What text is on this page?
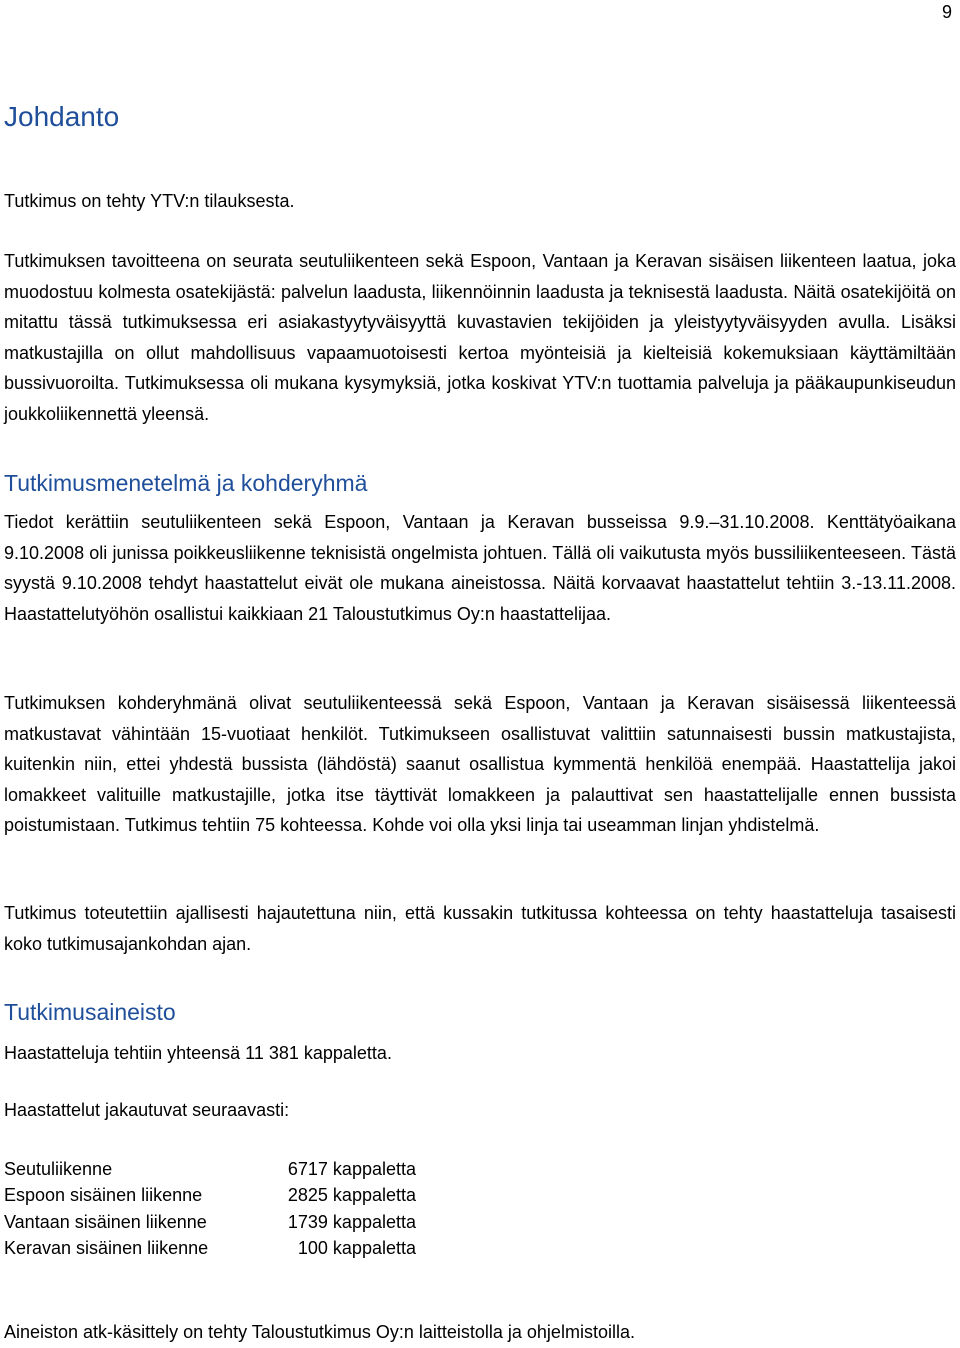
9
Johdanto

Tutkimus on tehty YTV:n tilauksesta.

Tutkimuksen tavoitteena on seurata seutuliikenteen sekä Espoon, Vantaan ja Keravan sisäisen liikenteen laatua, joka muodostuu kolmesta osatekijästä: palvelun laadusta, liikennöinnin laadusta ja teknisestä laadusta. Näitä osatekijöitä on mitattu tässä tutkimuksessa eri asiakastyytyväisyyttä kuvastavien tekijöiden ja yleistyytyväisyyden avulla. Lisäksi matkustajilla on ollut mahdollisuus vapaamuotoisesti kertoa myönteisiä ja kielteisiä kokemuksiaan käyttämiltään bussivuoroilta. Tutkimuksessa oli mukana kysymyksiä, jotka koskivat YTV:n tuottamia palveluja ja pääkaupunkiseudun joukkoliikennettä yleensä.

Tutkimusmenetelmä ja kohderyhmä

Tiedot kerättiin seutuliikenteen sekä Espoon, Vantaan ja Keravan busseissa 9.9.–31.10.2008. Kenttätyöaikana 9.10.2008 oli junissa poikkeusliikenne teknisistä ongelmista johtuen. Tällä oli vaikutusta myös bussiliikenteeseen. Tästä syystä 9.10.2008 tehdyt haastattelut eivät ole mukana aineistossa. Näitä korvaavat haastattelut tehtiin 3.-13.11.2008. Haastattelutyöhön osallistui kaikkiaan 21 Taloustutkimus Oy:n haastattelijaa.

Tutkimuksen kohderyhmänä olivat seutuliikenteessä sekä Espoon, Vantaan ja Keravan sisäisessä liikenteessä matkustavat vähintään 15-vuotiaat henkilöt. Tutkimukseen osallistuvat valittiin satunnaisesti bussin matkustajista, kuitenkin niin, ettei yhdestä bussista (lähdöstä) saanut osallistua kymmentä henkilöä enempää. Haastattelija jakoi lomakkeet valituille matkustajille, jotka itse täyttivät lomakkeen ja palauttivat sen haastattelijalle ennen bussista poistumistaan. Tutkimus tehtiin 75 kohteessa. Kohde voi olla yksi linja tai useamman linjan yhdistelmä.

Tutkimus toteutettiin ajallisesti hajautettuna niin, että kussakin tutkitussa kohteessa on tehty haastatteluja tasaisesti koko tutkimusajankohdan ajan.

Tutkimusaineisto

Haastatteluja tehtiin yhteensä 11 381 kappaletta.

Haastattelut jakautuvat seuraavasti:

Seutuliikenne	6717 kappaletta
Espoon sisäinen liikenne	2825 kappaletta
Vantaan sisäinen liikenne	1739 kappaletta
Keravan sisäinen liikenne	100 kappaletta

Aineiston atk-käsittely on tehty Taloustutkimus Oy:n laitteistolla ja ohjelmistoilla.
